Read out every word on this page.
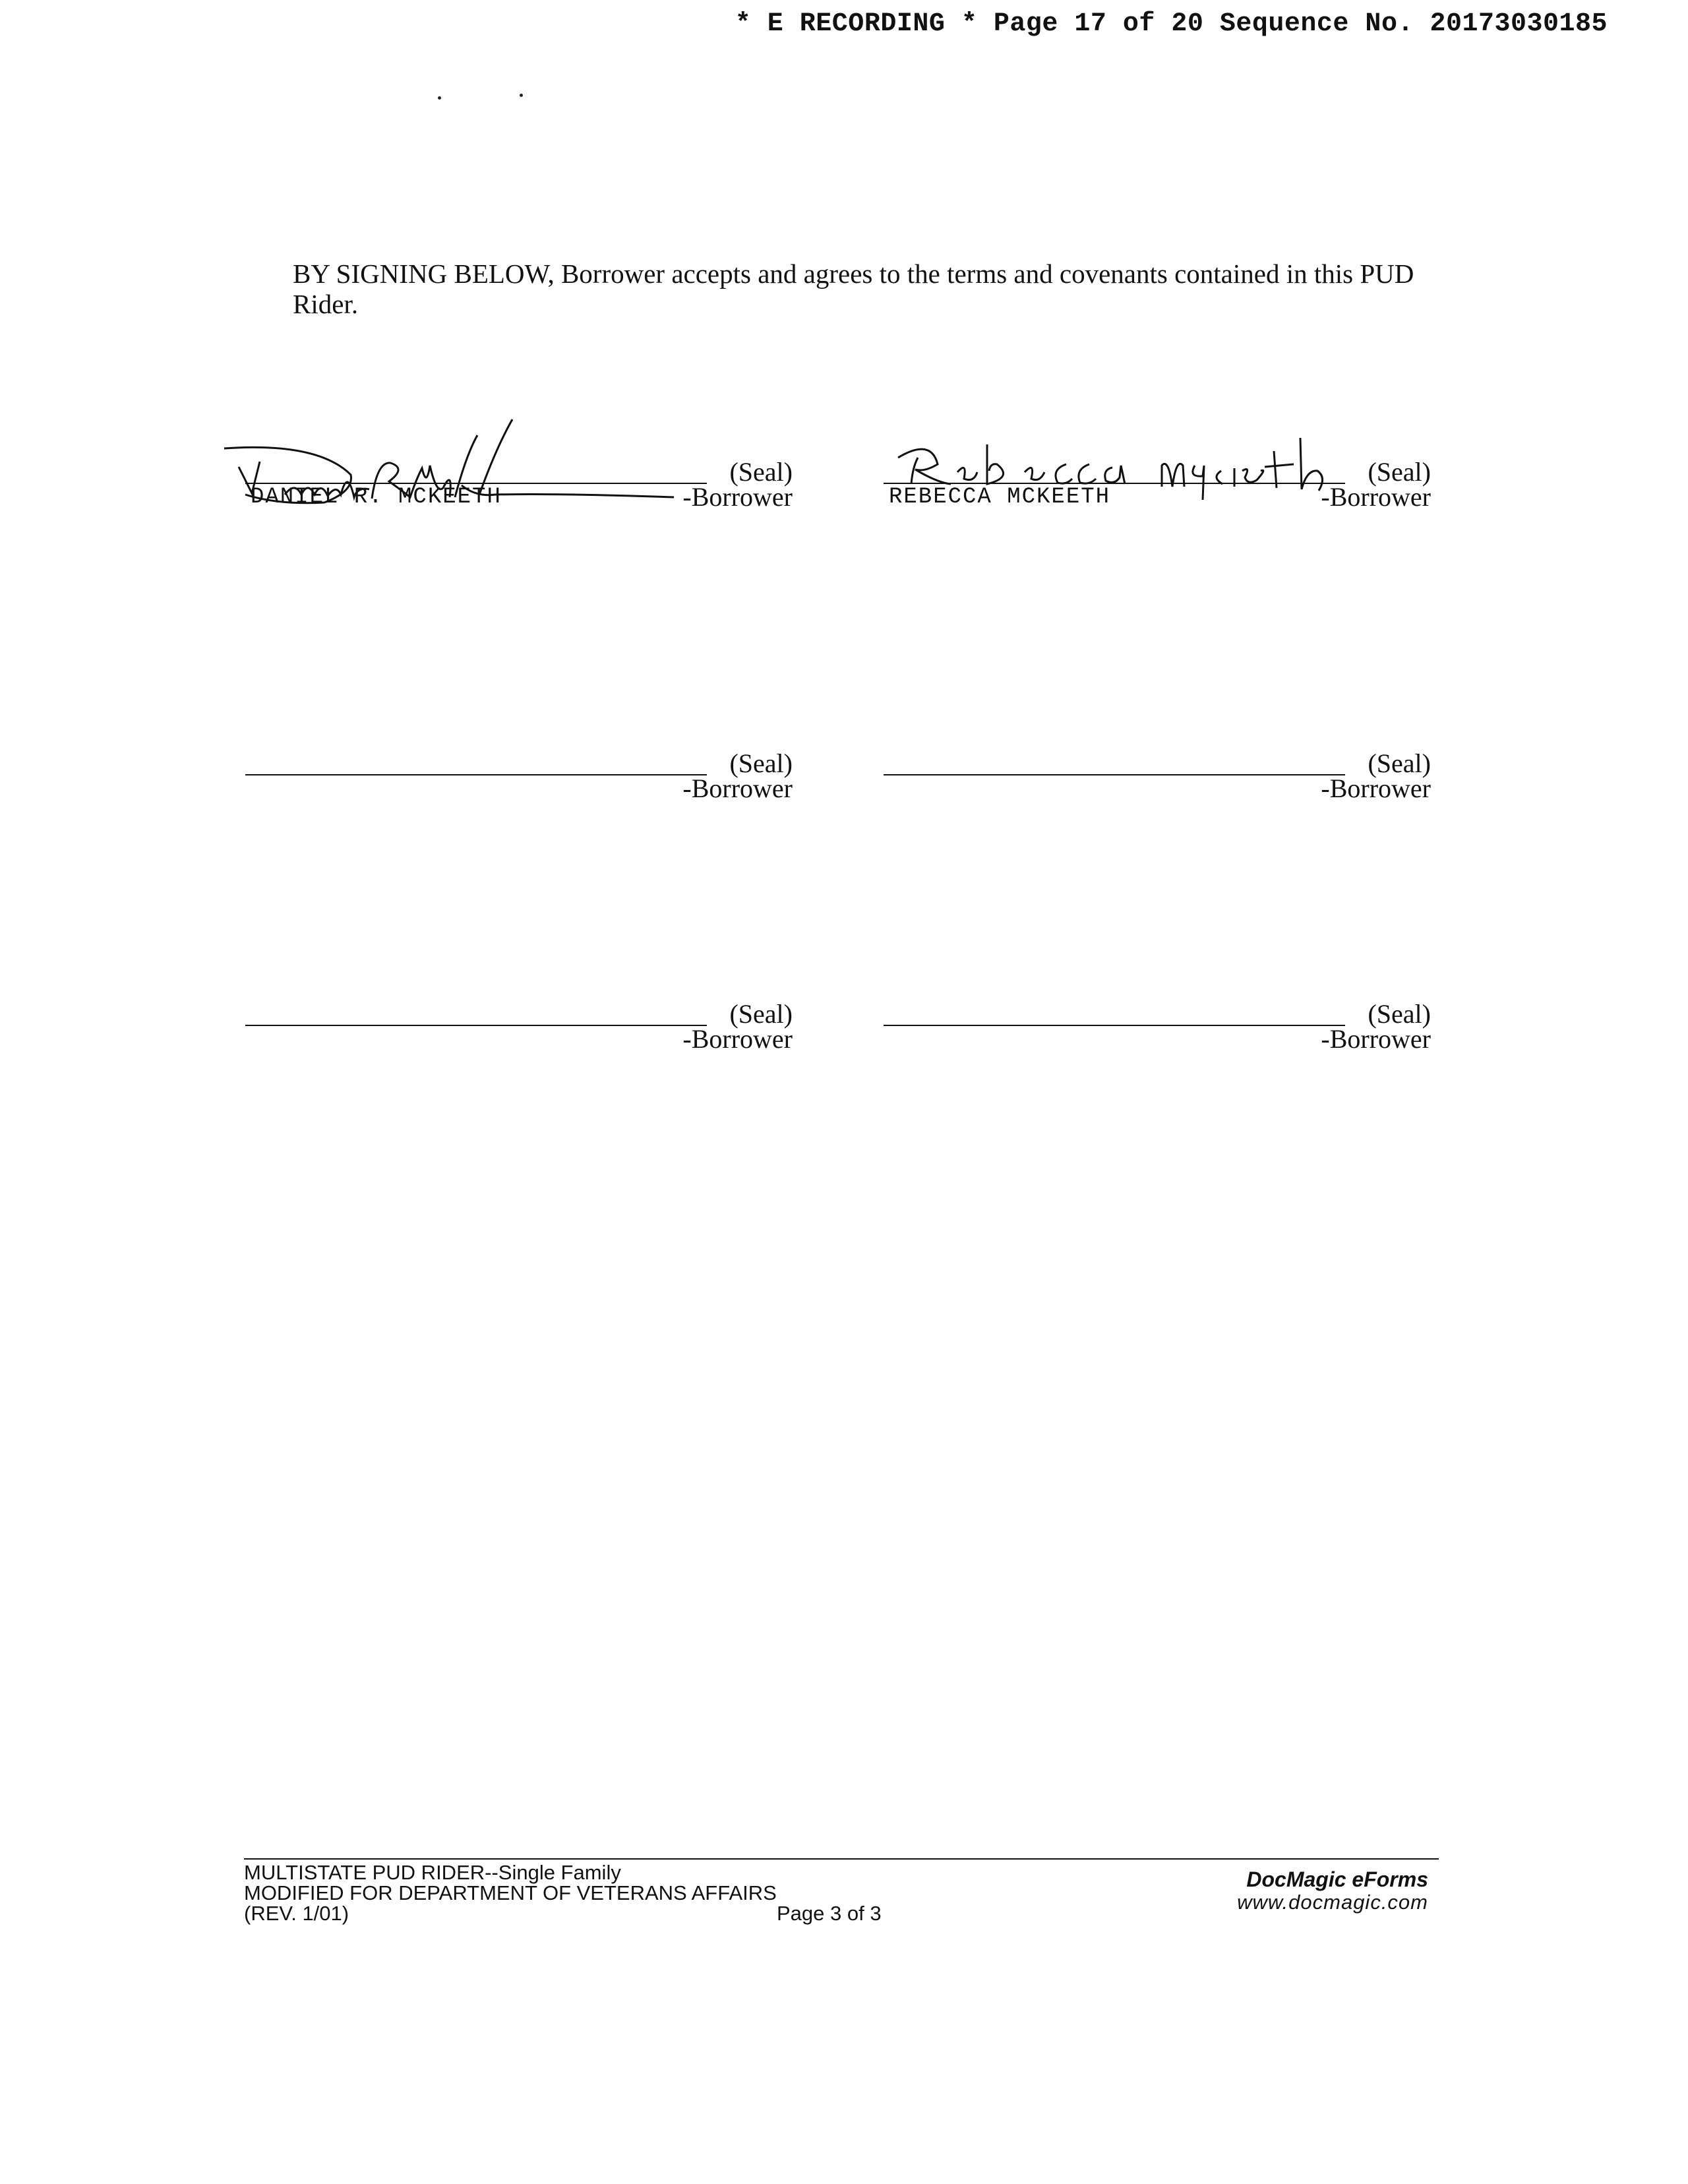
* E RECORDING * Page 17 of 20 Sequence No. 20173030185
BY SIGNING BELOW, Borrower accepts and agrees to the terms and covenants contained in this PUD Rider.
(Seal)
DANIEL R. MCKEETH	-Borrower
(Seal)
REBECCA MCKEETH	-Borrower
(Seal)
-Borrower
(Seal)
-Borrower
(Seal)
-Borrower
(Seal)
-Borrower
MULTISTATE PUD RIDER--Single Family
MODIFIED FOR DEPARTMENT OF VETERANS AFFAIRS
(REV. 1/01)	Page 3 of 3
DocMagic eForms
www.docmagic.com
